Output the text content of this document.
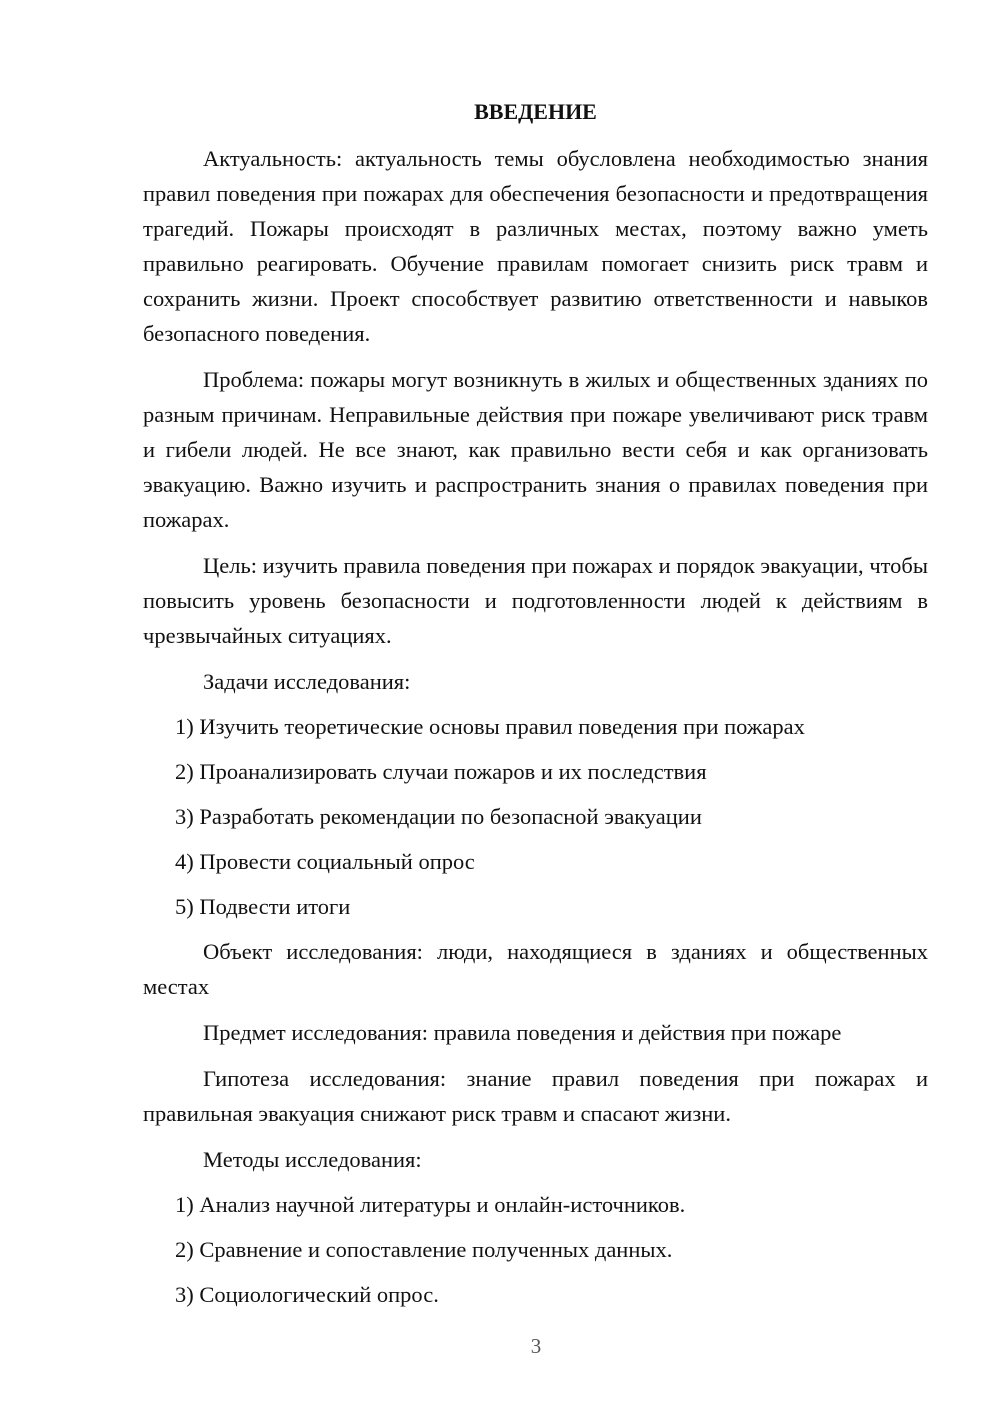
ВВЕДЕНИЕ
Актуальность: актуальность темы обусловлена необходимостью знания правил поведения при пожарах для обеспечения безопасности и предотвращения трагедий. Пожары происходят в различных местах, поэтому важно уметь правильно реагировать. Обучение правилам помогает снизить риск травм и сохранить жизни. Проект способствует развитию ответственности и навыков безопасного поведения.
Проблема: пожары могут возникнуть в жилых и общественных зданиях по разным причинам. Неправильные действия при пожаре увеличивают риск травм и гибели людей. Не все знают, как правильно вести себя и как организовать эвакуацию. Важно изучить и распространить знания о правилах поведения при пожарах.
Цель: изучить правила поведения при пожарах и порядок эвакуации, чтобы повысить уровень безопасности и подготовленности людей к действиям в чрезвычайных ситуациях.
Задачи исследования:
1) Изучить теоретические основы правил поведения при пожарах
2) Проанализировать случаи пожаров и их последствия
3) Разработать рекомендации по безопасной эвакуации
4) Провести социальный опрос
5) Подвести итоги
Объект исследования: люди, находящиеся в зданиях и общественных местах
Предмет исследования: правила поведения и действия при пожаре
Гипотеза исследования: знание правил поведения при пожарах и правильная эвакуация снижают риск травм и спасают жизни.
Методы исследования:
1) Анализ научной литературы и онлайн-источников.
2) Сравнение и сопоставление полученных данных.
3) Социологический опрос.
3
